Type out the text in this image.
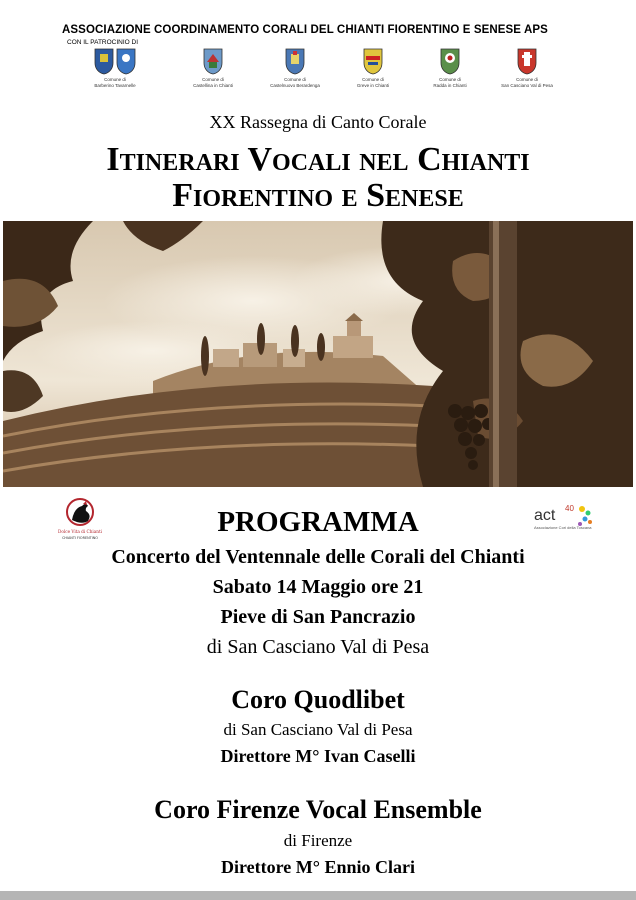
ASSOCIAZIONE COORDINAMENTO CORALI DEL CHIANTI FIORENTINO E SENESE APS
CON IL PATROCINIO DI
Comune di
Barberino Tavarnelle
Comune di
Castellina in Chianti
Comune di
Castelnuovo Berardenga
Comune di
Greve in Chianti
Comune di
Radda in Chianti
Comune di
San Casciano Val di Pesa
XX Rassegna di Canto Corale
Itinerari Vocali nel Chianti
Fiorentino e Senese
Dolce Vita di Chianti
CHIANTI FIORENTINO
act 40
Associazione Cori della Toscana
PROGRAMMA
Concerto del Ventennale delle Corali del Chianti
Sabato 14 Maggio ore 21
Pieve di San Pancrazio
di San Casciano Val di Pesa
Coro Quodlibet
di San Casciano Val di Pesa
Direttore M° Ivan Caselli
Coro Firenze Vocal Ensemble
di Firenze
Direttore M° Ennio Clari
